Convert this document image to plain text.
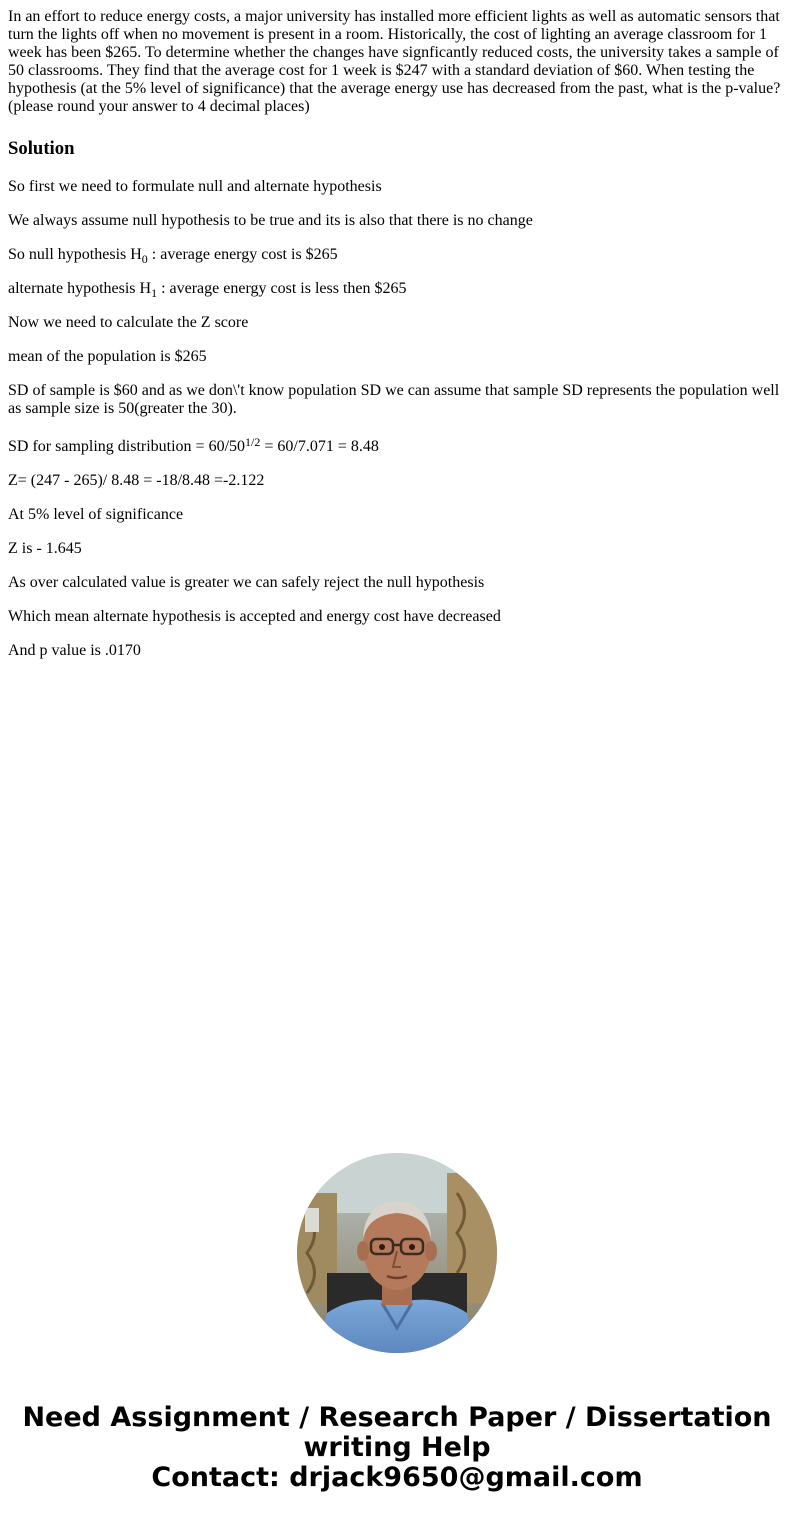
In an effort to reduce energy costs, a major university has installed more efficient lights as well as automatic sensors that turn the lights off when no movement is present in a room. Historically, the cost of lighting an average classroom for 1 week has been $265. To determine whether the changes have signficantly reduced costs, the university takes a sample of 50 classrooms. They find that the average cost for 1 week is $247 with a standard deviation of $60. When testing the hypothesis (at the 5% level of significance) that the average energy use has decreased from the past, what is the p-value? (please round your answer to 4 decimal places)
Solution

So first we need to formulate null and alternate hypothesis

We always assume null hypothesis to be true and its is also that there is no change

So null hypothesis $H_0$ : average energy cost is $265

alternate hypothesis $H_1$ : average energy cost is less then $265

Now we need to calculate the Z score

mean of the population is $265

SD of sample is $60 and as we don\'t know population SD we can assume that sample SD represents the population well as sample size is 50(greater the 30).

SD for sampling distribution = $60/50^{1/2} = 60/7.071 = 8.48$

Z= (247 - 265)/ 8.48 = -18/8.48 =-2.122

At 5% level of significance

Z is - 1.645

As over calculated value is greater we can safely reject the null hypothesis

Which mean alternate hypothesis is accepted and energy cost have decreased

And p value is .0170

Need Assignment / Research Paper / Dissertation
writing Help
Contact: drjack9650@gmail.com
